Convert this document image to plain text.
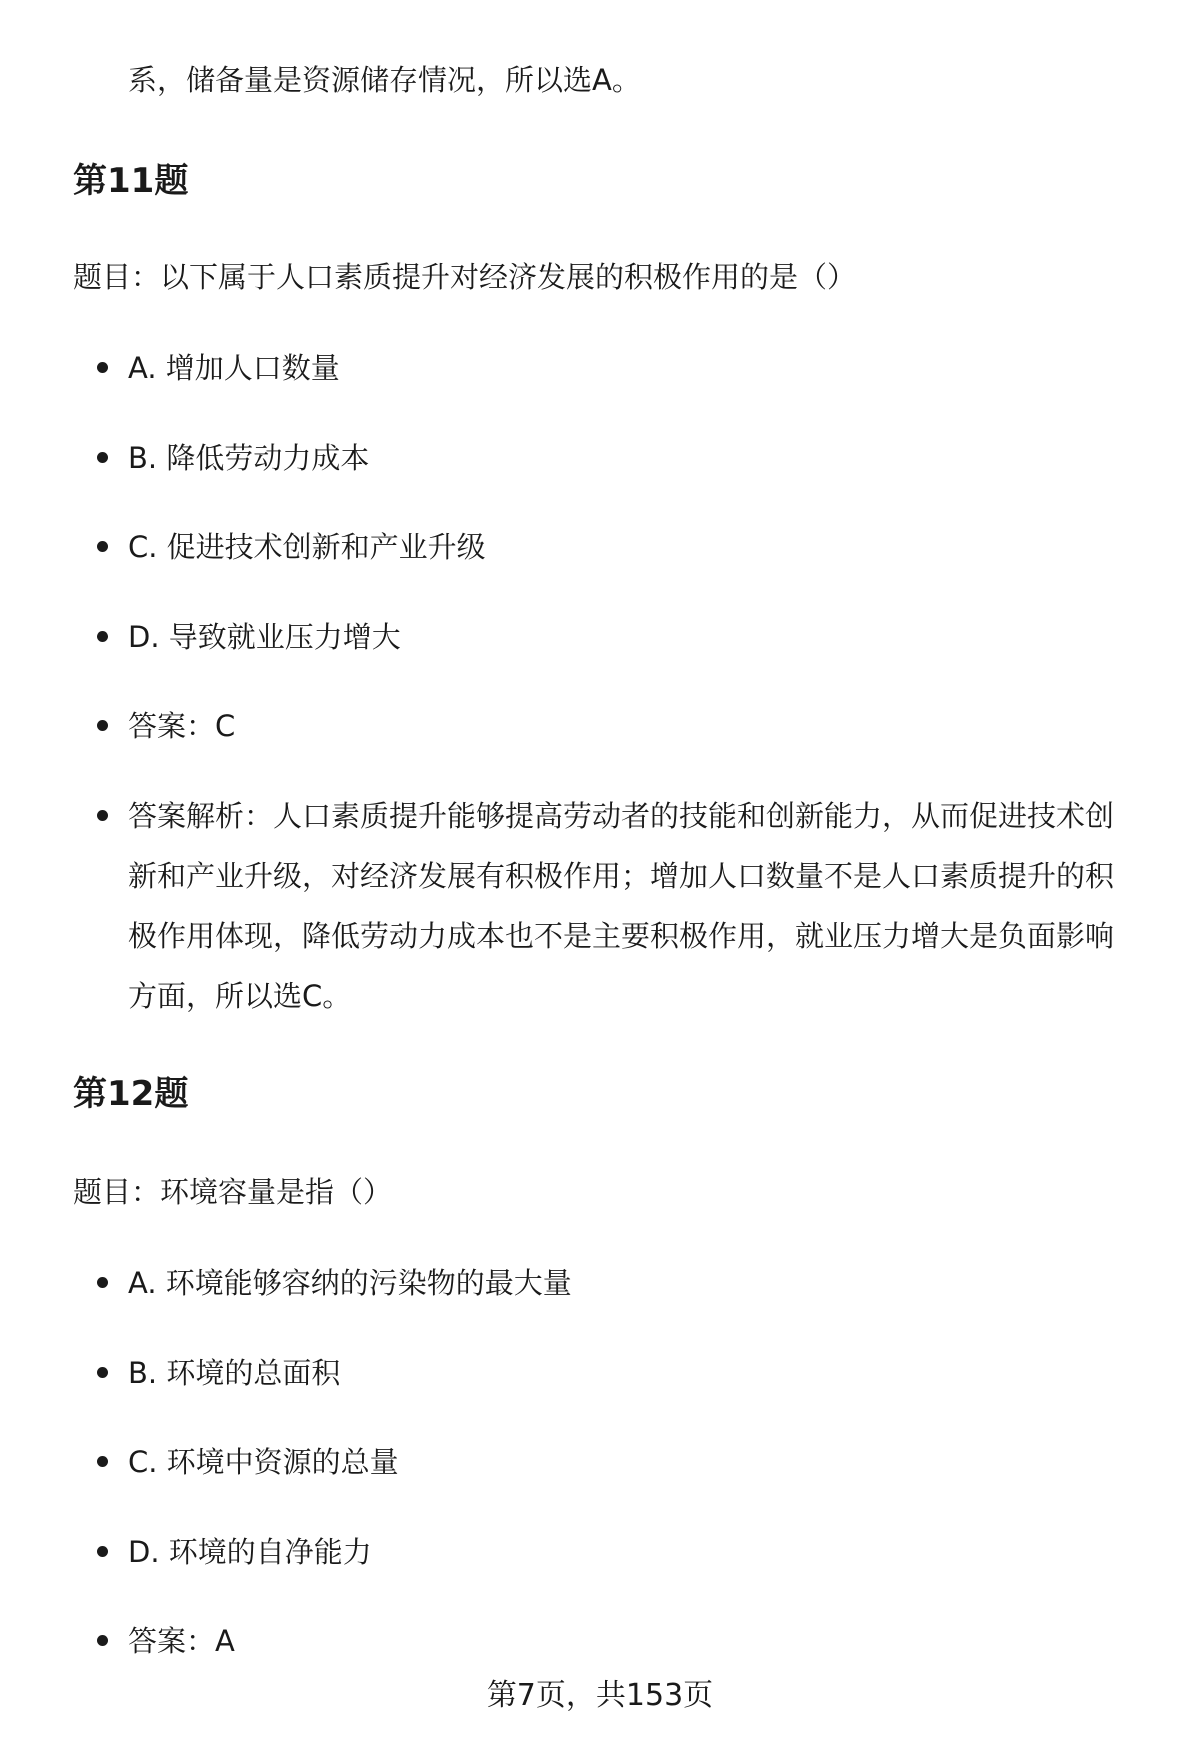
系，储备量是资源储存情况，所以选A。
第11题
题目：以下属于人口素质提升对经济发展的积极作用的是（）
A. 增加人口数量
B. 降低劳动力成本
C. 促进技术创新和产业升级
D. 导致就业压力增大
答案：C
答案解析：人口素质提升能够提高劳动者的技能和创新能力，从而促进技术创新和产业升级，对经济发展有积极作用；增加人口数量不是人口素质提升的积极作用体现，降低劳动力成本也不是主要积极作用，就业压力增大是负面影响方面，所以选C。
第12题
题目：环境容量是指（）
A. 环境能够容纳的污染物的最大量
B. 环境的总面积
C. 环境中资源的总量
D. 环境的自净能力
答案：A
第7页，共153页
